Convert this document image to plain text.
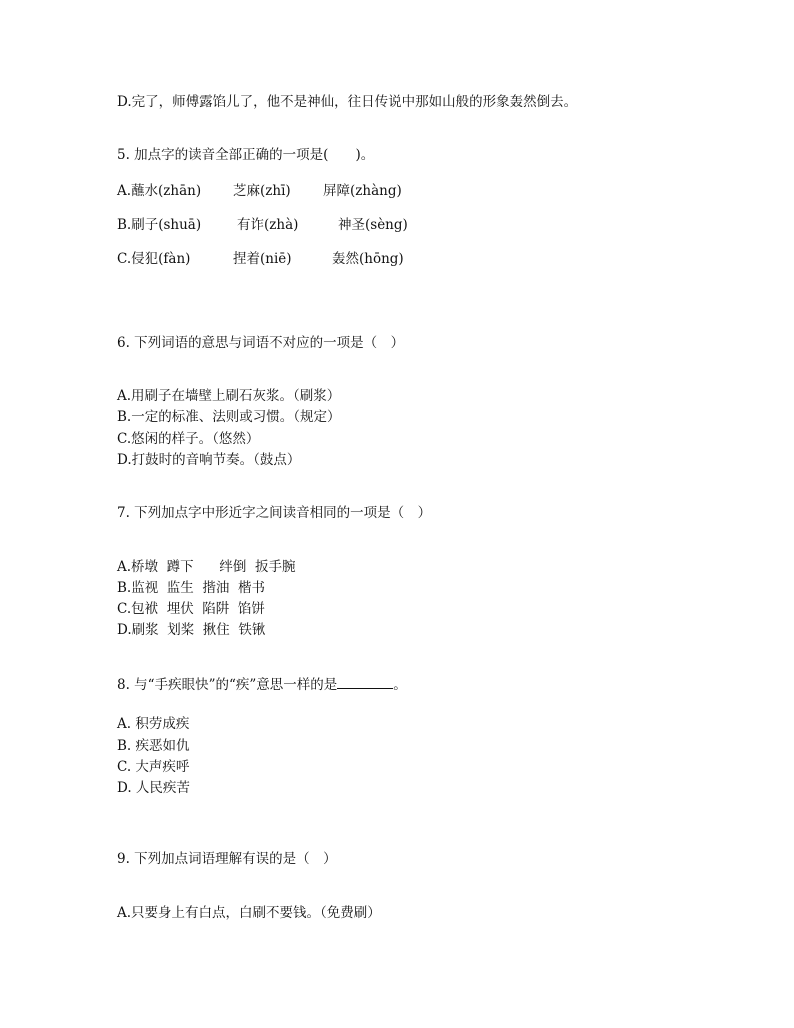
D.完了，师傅露馅儿了，他不是神仙，往日传说中那如山般的形象轰然倒去。
5. 加点字的读音全部正确的一项是(　　)。
A.蘸水(zhān) 芝麻(zhī) 屏障(zhàng)
B.刷子(shuā)	有诈(zhà)	神圣(sèng)
C.侵犯(fàn)	捏着(niē)	轰然(hōng)
6. 下列词语的意思与词语不对应的一项是（　）
A.用刷子在墙壁上刷石灰浆。（刷浆）
B.一定的标准、法则或习惯。（规定）
C.悠闲的样子。（悠然）
D.打鼓时的音响节奏。（鼓点）
7. 下列加点字中形近字之间读音相同的一项是（　）
A.桥墩  蹲下      绊倒  扳手腕
B.监视  监生  揩油  楷书
C.包袱  埋伏  陷阱  馅饼
D.刷浆  划桨  揪住  铁锹
8. 与“手疾眼快”的“疾”意思一样的是	。
A. 积劳成疾
B. 疾恶如仇
C. 大声疾呼
D. 人民疾苦
9. 下列加点词语理解有误的是（　）
A.只要身上有白点，白刷不要钱。（免费刷）
